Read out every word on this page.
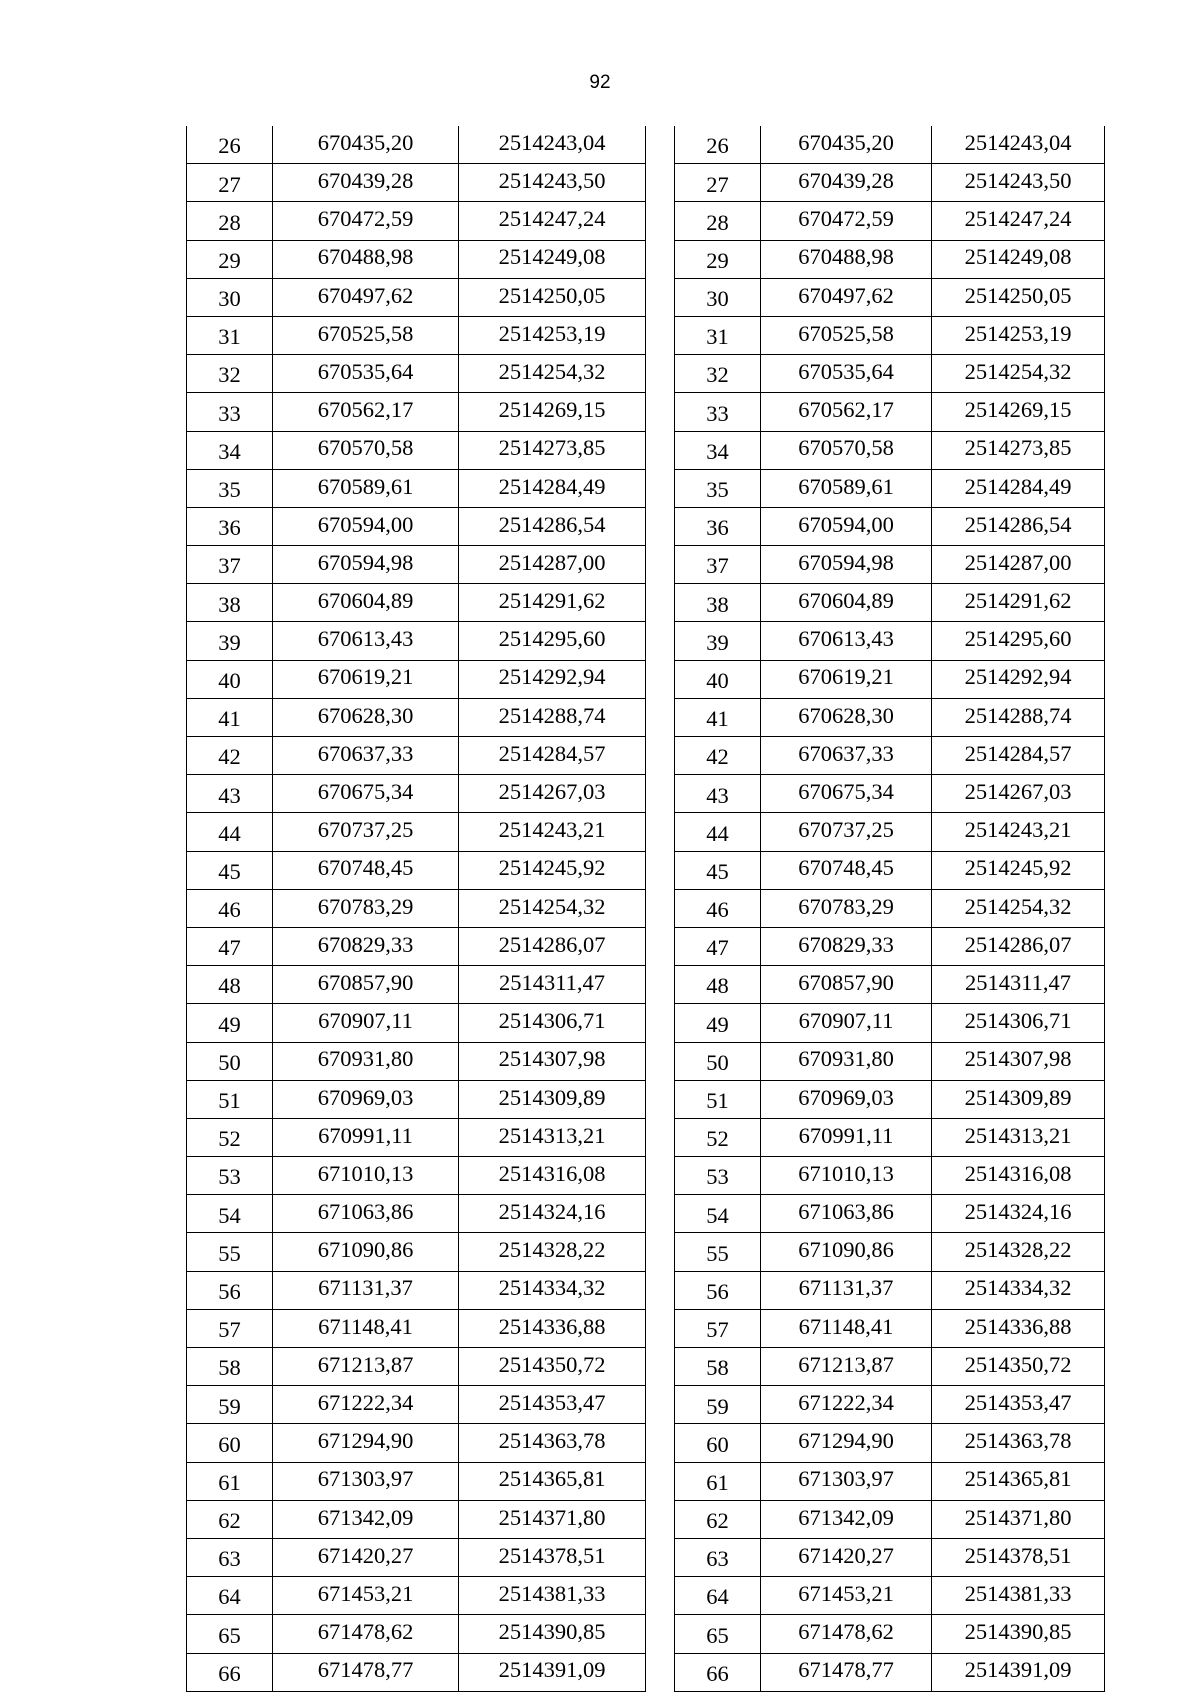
92
26	670435,20	2514243,04
27	670439,28	2514243,50
28	670472,59	2514247,24
29	670488,98	2514249,08
30	670497,62	2514250,05
31	670525,58	2514253,19
32	670535,64	2514254,32
33	670562,17	2514269,15
34	670570,58	2514273,85
35	670589,61	2514284,49
36	670594,00	2514286,54
37	670594,98	2514287,00
38	670604,89	2514291,62
39	670613,43	2514295,60
40	670619,21	2514292,94
41	670628,30	2514288,74
42	670637,33	2514284,57
43	670675,34	2514267,03
44	670737,25	2514243,21
45	670748,45	2514245,92
46	670783,29	2514254,32
47	670829,33	2514286,07
48	670857,90	2514311,47
49	670907,11	2514306,71
50	670931,80	2514307,98
51	670969,03	2514309,89
52	670991,11	2514313,21
53	671010,13	2514316,08
54	671063,86	2514324,16
55	671090,86	2514328,22
56	671131,37	2514334,32
57	671148,41	2514336,88
58	671213,87	2514350,72
59	671222,34	2514353,47
60	671294,90	2514363,78
61	671303,97	2514365,81
62	671342,09	2514371,80
63	671420,27	2514378,51
64	671453,21	2514381,33
65	671478,62	2514390,85
66	671478,77	2514391,09
26	670435,20	2514243,04
27	670439,28	2514243,50
28	670472,59	2514247,24
29	670488,98	2514249,08
30	670497,62	2514250,05
31	670525,58	2514253,19
32	670535,64	2514254,32
33	670562,17	2514269,15
34	670570,58	2514273,85
35	670589,61	2514284,49
36	670594,00	2514286,54
37	670594,98	2514287,00
38	670604,89	2514291,62
39	670613,43	2514295,60
40	670619,21	2514292,94
41	670628,30	2514288,74
42	670637,33	2514284,57
43	670675,34	2514267,03
44	670737,25	2514243,21
45	670748,45	2514245,92
46	670783,29	2514254,32
47	670829,33	2514286,07
48	670857,90	2514311,47
49	670907,11	2514306,71
50	670931,80	2514307,98
51	670969,03	2514309,89
52	670991,11	2514313,21
53	671010,13	2514316,08
54	671063,86	2514324,16
55	671090,86	2514328,22
56	671131,37	2514334,32
57	671148,41	2514336,88
58	671213,87	2514350,72
59	671222,34	2514353,47
60	671294,90	2514363,78
61	671303,97	2514365,81
62	671342,09	2514371,80
63	671420,27	2514378,51
64	671453,21	2514381,33
65	671478,62	2514390,85
66	671478,77	2514391,09
